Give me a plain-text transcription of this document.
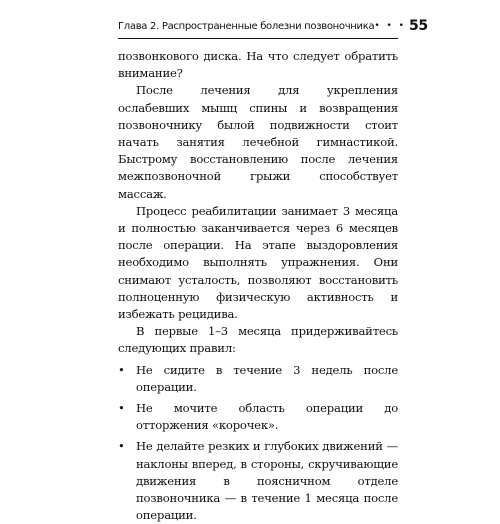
Глава 2. Распространенные болезни позвоночника • • • 55

позвонкового диска. На что следует обратить внимание?

После лечения для укрепления ослабевших мышц спины и возвращения позвоночнику былой подвижности стоит начать занятия лечебной гимнастикой. Быстрому восстановлению после лечения межпозвоночной грыжи способствует массаж.

Процесс реабилитации занимает 3 месяца и полностью заканчивается через 6 месяцев после операции. На этапе выздоровления необходимо выполнять упражнения. Они снимают усталость, позволяют восстановить полноценную физическую активность и избежать рецидива.

В первые 1–3 месяца придерживайтесь следующих правил:

• Не сидите в течение 3 недель после операции.
• Не мочите область операции до отторжения «корочек».
• Не делайте резких и глубоких движений — наклоны вперед, в стороны, скручивающие движения в поясничном отделе позвоночника — в течение 1 месяца после операции.
